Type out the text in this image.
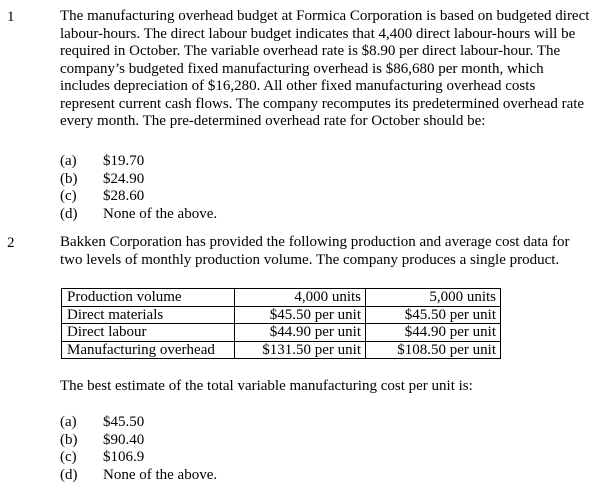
1	The manufacturing overhead budget at Formica Corporation is based on budgeted direct labour-hours. The direct labour budget indicates that 4,400 direct labour-hours will be required in October. The variable overhead rate is $8.90 per direct labour-hour. The company’s budgeted fixed manufacturing overhead is $86,680 per month, which includes depreciation of $16,280. All other fixed manufacturing overhead costs represent current cash flows. The company recomputes its predetermined overhead rate every month. The pre-determined overhead rate for October should be:

(a)	$19.70
(b)	$24.90
(c)	$28.60
(d)	None of the above.
2	Bakken Corporation has provided the following production and average cost data for two levels of monthly production volume. The company produces a single product.

Production volume	4,000 units	5,000 units
Direct materials	$45.50 per unit	$45.50 per unit
Direct labour	$44.90 per unit	$44.90 per unit
Manufacturing overhead	$131.50 per unit	$108.50 per unit

The best estimate of the total variable manufacturing cost per unit is:

(a)	$45.50
(b)	$90.40
(c)	$106.9
(d)	None of the above.
